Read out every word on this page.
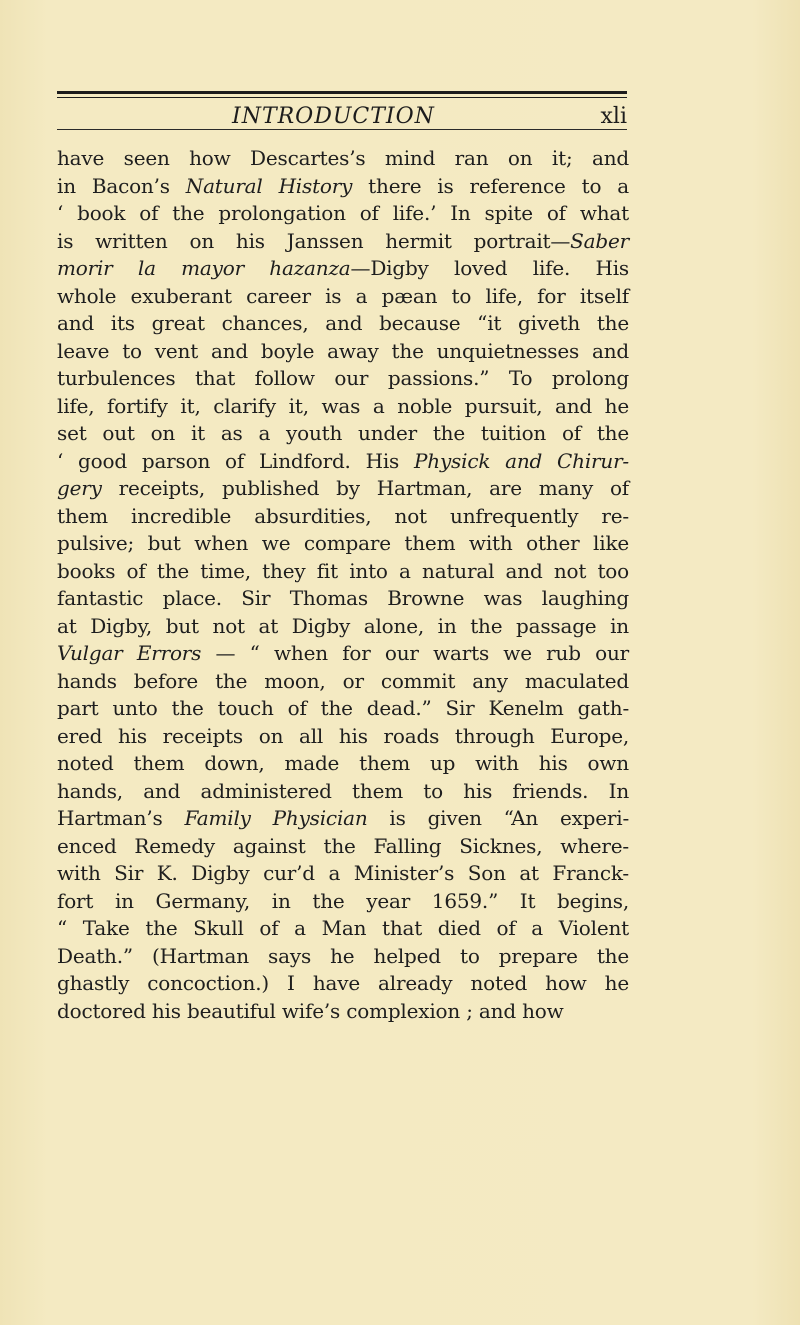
INTRODUCTION	xli
have seen how Descartes’s mind ran on it; and
in Bacon’s Natural History there is reference to a
‘ book of the prolongation of life.’ In spite of what
is written on his Janssen hermit portrait—Saber
morir la mayor hazanza—Digby loved life. His
whole exuberant career is a pæan to life, for itself
and its great chances, and because “it giveth the
leave to vent and boyle away the unquietnesses and
turbulences that follow our passions.” To prolong
life, fortify it, clarify it, was a noble pursuit, and he
set out on it as a youth under the tuition of the
‘ good parson of Lindford. His Physick and Chirur-
gery receipts, published by Hartman, are many of
them incredible absurdities, not unfrequently re-
pulsive; but when we compare them with other like
books of the time, they fit into a natural and not too
fantastic place. Sir Thomas Browne was laughing
at Digby, but not at Digby alone, in the passage in
Vulgar Errors — “ when for our warts we rub our
hands before the moon, or commit any maculated
part unto the touch of the dead.” Sir Kenelm gath-
ered his receipts on all his roads through Europe,
noted them down, made them up with his own
hands, and administered them to his friends. In
Hartman’s Family Physician is given “An experi-
enced Remedy against the Falling Sicknes, where-
with Sir K. Digby cur’d a Minister’s Son at Franck-
fort in Germany, in the year 1659.” It begins,
“ Take the Skull of a Man that died of a Violent
Death.” (Hartman says he helped to prepare the
ghastly concoction.) I have already noted how he
doctored his beautiful wife’s complexion ; and how
